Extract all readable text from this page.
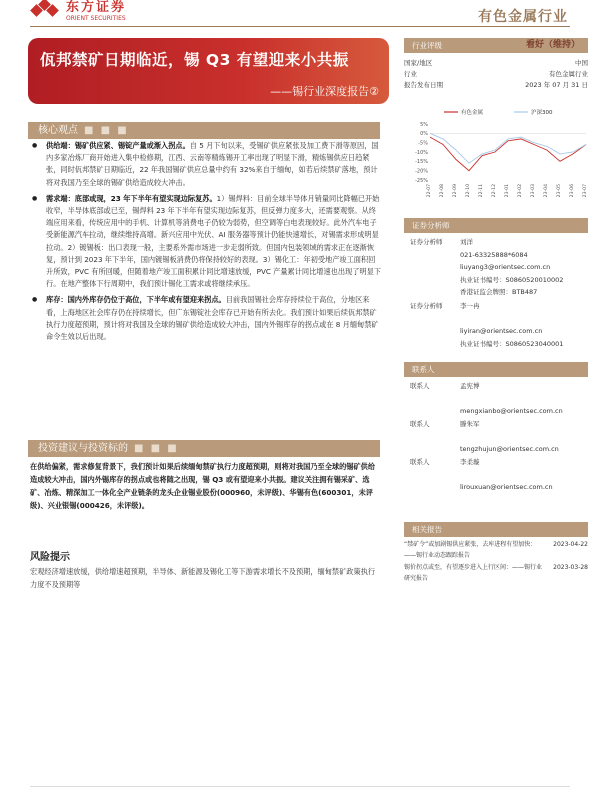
东方证券
ORIENT SECURITIES	有色金属行业
佤邦禁矿日期临近，锡 Q3 有望迎来小共振
——锡行业深度报告②
核心观点 ■ ■ ■
● 供给端：锡矿供应紧、锡锭产量或渐入拐点。自 5 月下旬以来，受锡矿供应紧张及加工费下滑等原因，国内多家冶炼厂商开始进入集中检修期，江西、云南等精炼锡开工率出现了明显下滑，精炼锡供应日趋紧张，同时佤邦禁矿日期临近，22 年我国锡矿供应总量中约有 32%来自于缅甸，如若后续禁矿落地，预计将对我国乃至全球的锡矿供给造成较大冲击。
● 需求端：底部或现，23 年下半年有望实现边际复苏。1）锡焊料：目前全球半导体月销量同比降幅已开始收窄，半导体底部或已至，锡焊料 23 年下半年有望实现边际复苏，但反弹力度多大，还需要观察。从终端应用来看，传统应用中的手机、计算机等消费电子仍较为弱势，但空调等白电表现较好。此外汽车电子受新能源汽车拉动，继续维持高增。新兴应用中光伏、AI 服务器等预计仍能快速增长，对锡需求形成明显拉动。2）镀锡板：出口表现一般，主要系外需市场进一步走弱所致。但国内包装领域的需求正在逐渐恢复，预计到 2023 年下半年，国内镀锡板消费仍将保持较好的表现。3）锡化工：年初受地产竣工面积回升所致，PVC 有所回暖，但随着地产竣工面积累计同比增速放缓，PVC 产量累计同比增速也出现了明显下行。在地产整体下行周期中，我们预计锡化工需求或将继续承压。
● 库存：国内外库存仍位于高位，下半年或有望迎来拐点。目前我国锡社会库存持续位于高位，分地区来看，上海地区社会库存仍在持续增长，但广东锡锭社会库存已开始有所去化。我们预计如果后续佤邦禁矿执行力度超预期，预计将对我国及全球的锡矿供给造成较大冲击，国内外锡库存的拐点或在 8 月缅甸禁矿命令生效以后出现。
投资建议与投资标的 ■ ■ ■
在供给偏紧，需求修复背景下，我们预计如果后续缅甸禁矿执行力度超预期，则将对我国乃至全球的锡矿供给造成较大冲击，国内外锡库存的拐点或也将随之出现，锡 Q3 或有望迎来小共振。建议关注拥有锡采矿、选矿、冶炼、精深加工一体化全产业链条的龙头企业锡业股份(000960，未评级)、华锡有色(600301，未评级)、兴业银锡(000426，未评级)。
风险提示
宏观经济增速放缓，供给增速超预期，半导体、新能源及锡化工等下游需求增长不及预期，缅甸禁矿政策执行力度不及预期等
行业评级	看好（维持）
国家/地区	中国
行业	有色金属行业
报告发布日期	2023 年 07 月 31 日
有色金属	沪深300
5%
0%
-5%
-10%
-15%
-20%
-25%
22-07 22-08 22-09 22-10 22-11 22-12 23-01 23-02 23-03 23-04 23-05 23-06 23-07
证券分析师
证券分析师	刘洋
021-63325888*6084
liuyang3@orientsec.com.cn
执业证书编号：S0860520010002
香港证监会牌照：BTB487
证券分析师	李一冉
liyiran@orientsec.com.cn
执业证书编号：S0860523040001
联系人
联系人	孟宪博
mengxianbo@orientsec.com.cn
联系人	滕朱军
tengzhujun@orientsec.com.cn
联系人	李柔璇
lirouxuan@orientsec.com.cn
相关报告
“禁矿令”或加剧锡供应紧张，去库进程有望加快：——锡行业动态跟踪报告
2023-04-22
锡价拐点或至，有望逐步进入上行区间：——锡行业研究报告
2023-03-28
